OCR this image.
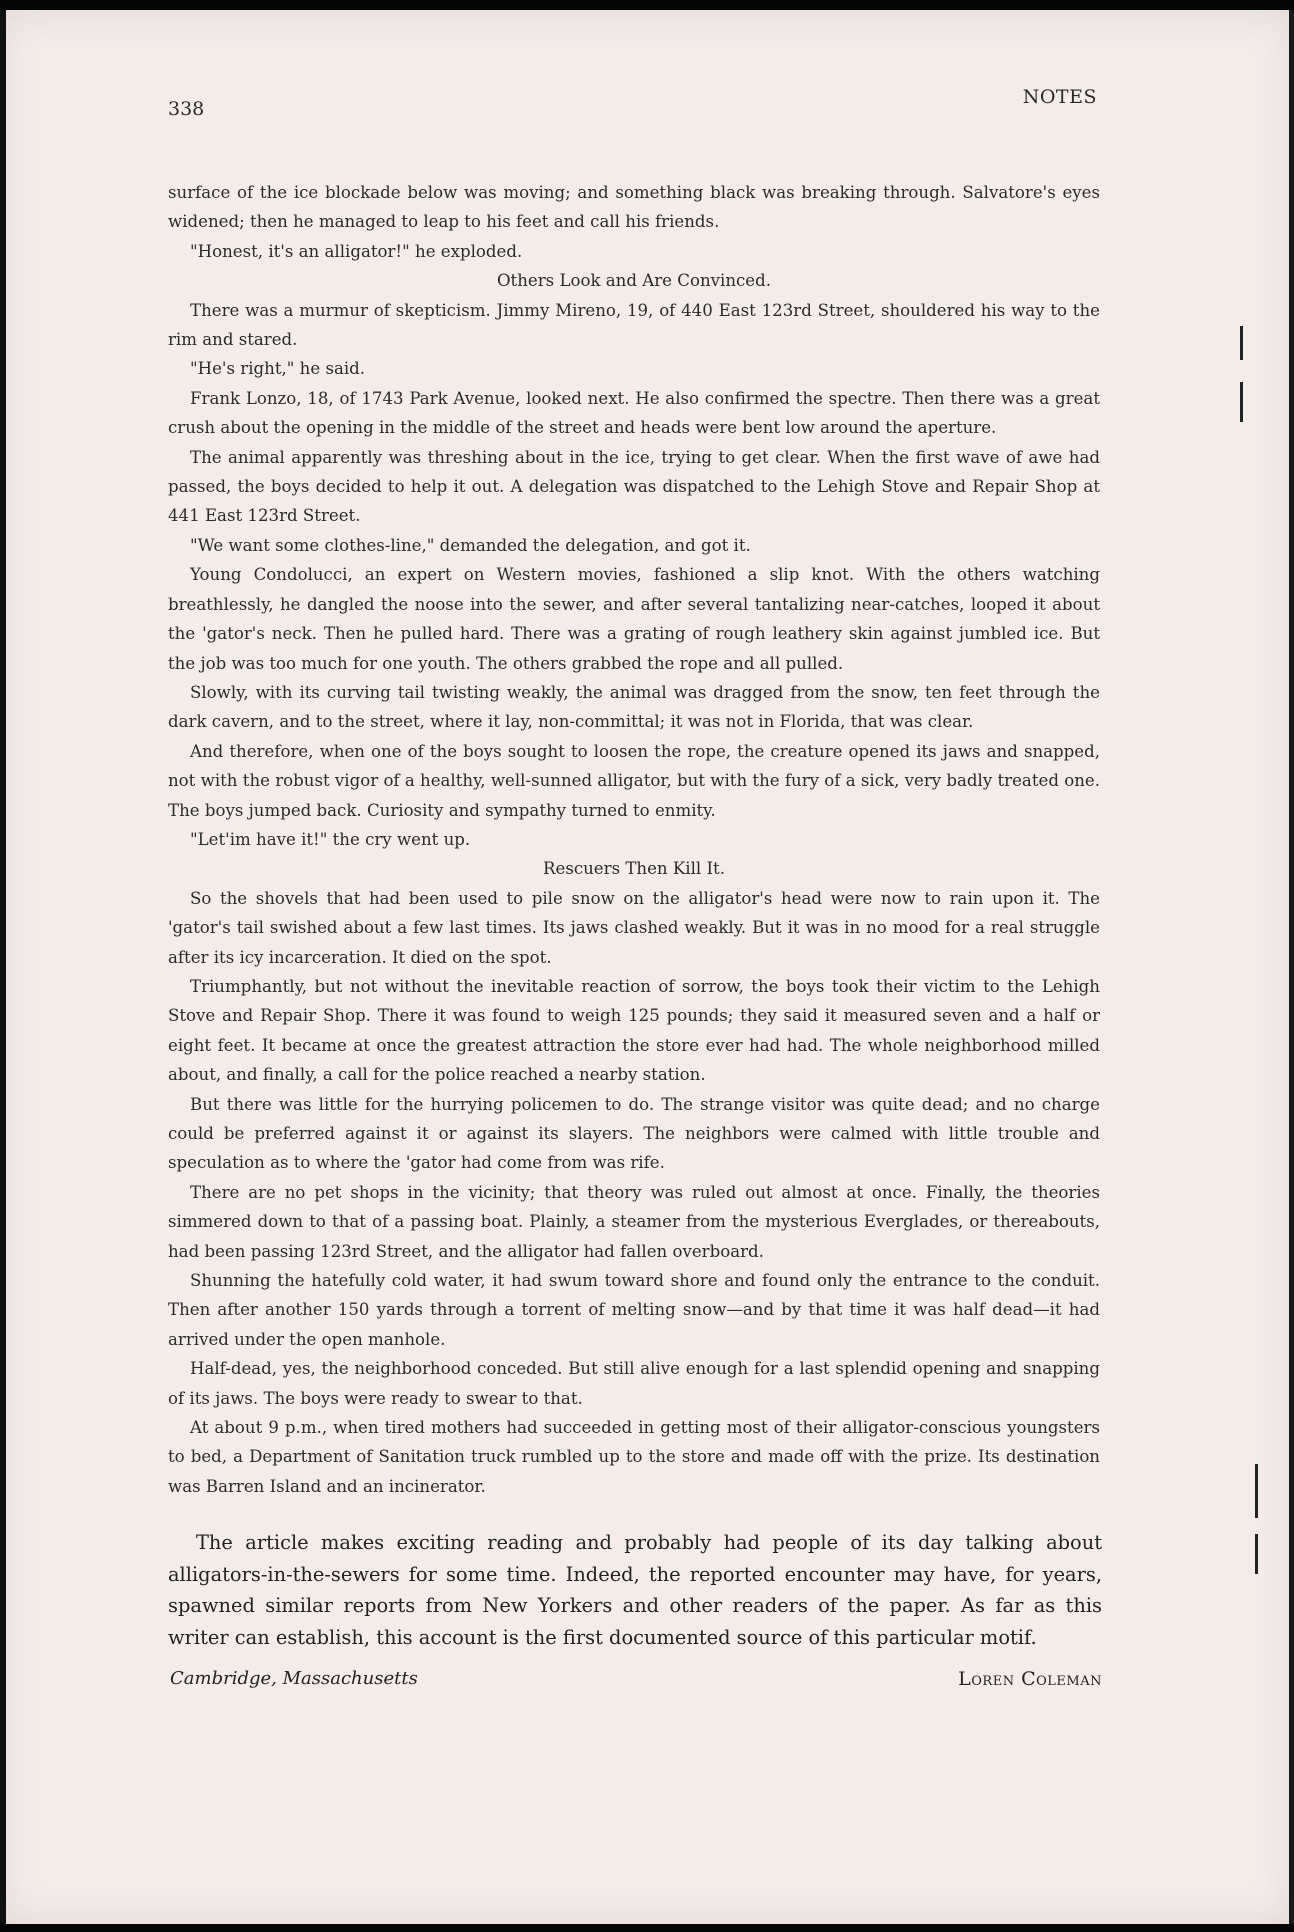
338
NOTES

surface of the ice blockade below was moving; and something black was breaking through. Salvatore's eyes widened; then he managed to leap to his feet and call his friends.

"Honest, it's an alligator!" he exploded.

Others Look and Are Convinced.

There was a murmur of skepticism. Jimmy Mireno, 19, of 440 East 123rd Street, shouldered his way to the rim and stared.

"He's right," he said.

Frank Lonzo, 18, of 1743 Park Avenue, looked next. He also confirmed the spectre. Then there was a great crush about the opening in the middle of the street and heads were bent low around the aperture.

The animal apparently was threshing about in the ice, trying to get clear. When the first wave of awe had passed, the boys decided to help it out. A delegation was dispatched to the Lehigh Stove and Repair Shop at 441 East 123rd Street.

"We want some clothes-line," demanded the delegation, and got it.

Young Condolucci, an expert on Western movies, fashioned a slip knot. With the others watching breathlessly, he dangled the noose into the sewer, and after several tantalizing near-catches, looped it about the 'gator's neck. Then he pulled hard. There was a grating of rough leathery skin against jumbled ice. But the job was too much for one youth. The others grabbed the rope and all pulled.

Slowly, with its curving tail twisting weakly, the animal was dragged from the snow, ten feet through the dark cavern, and to the street, where it lay, non-committal; it was not in Florida, that was clear.

And therefore, when one of the boys sought to loosen the rope, the creature opened its jaws and snapped, not with the robust vigor of a healthy, well-sunned alligator, but with the fury of a sick, very badly treated one. The boys jumped back. Curiosity and sympathy turned to enmity.

"Let'im have it!" the cry went up.

Rescuers Then Kill It.

So the shovels that had been used to pile snow on the alligator's head were now to rain upon it. The 'gator's tail swished about a few last times. Its jaws clashed weakly. But it was in no mood for a real struggle after its icy incarceration. It died on the spot.

Triumphantly, but not without the inevitable reaction of sorrow, the boys took their victim to the Lehigh Stove and Repair Shop. There it was found to weigh 125 pounds; they said it measured seven and a half or eight feet. It became at once the greatest attraction the store ever had had. The whole neighborhood milled about, and finally, a call for the police reached a nearby station.

But there was little for the hurrying policemen to do. The strange visitor was quite dead; and no charge could be preferred against it or against its slayers. The neighbors were calmed with little trouble and speculation as to where the 'gator had come from was rife.

There are no pet shops in the vicinity; that theory was ruled out almost at once. Finally, the theories simmered down to that of a passing boat. Plainly, a steamer from the mysterious Everglades, or thereabouts, had been passing 123rd Street, and the alligator had fallen overboard.

Shunning the hatefully cold water, it had swum toward shore and found only the entrance to the conduit. Then after another 150 yards through a torrent of melting snow—and by that time it was half dead—it had arrived under the open manhole.

Half-dead, yes, the neighborhood conceded. But still alive enough for a last splendid opening and snapping of its jaws. The boys were ready to swear to that.

At about 9 p.m., when tired mothers had succeeded in getting most of their alligator-conscious youngsters to bed, a Department of Sanitation truck rumbled up to the store and made off with the prize. Its destination was Barren Island and an incinerator.

The article makes exciting reading and probably had people of its day talking about alligators-in-the-sewers for some time. Indeed, the reported encounter may have, for years, spawned similar reports from New Yorkers and other readers of the paper. As far as this writer can establish, this account is the first documented source of this particular motif.

Cambridge, Massachusetts	Loren Coleman
